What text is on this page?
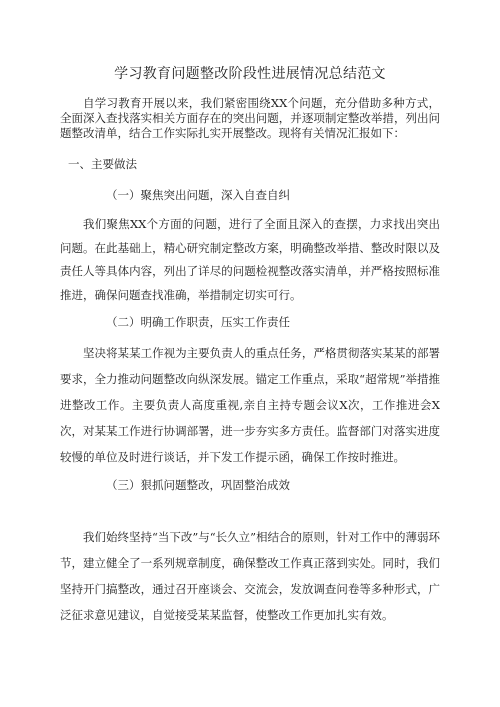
学习教育问题整改阶段性进展情况总结范文

自学习教育开展以来，我们紧密围绕XX个问题，充分借助多种方式，全面深入查找落实相关方面存在的突出问题，并逐项制定整改举措，列出问题整改清单，结合工作实际扎实开展整改。现将有关情况汇报如下：

一、主要做法
（一）聚焦突出问题，深入自查自纠

我们聚焦XX个方面的问题，进行了全面且深入的查摆，力求找出突出问题。在此基础上，精心研究制定整改方案，明确整改举措、整改时限以及责任人等具体内容，列出了详尽的问题检视整改落实清单，并严格按照标准推进，确保问题查找准确，举措制定切实可行。

（二）明确工作职责，压实工作责任

坚决将某某工作视为主要负责人的重点任务，严格贯彻落实某某的部署要求，全力推动问题整改向纵深发展。锚定工作重点，采取“超常规”举措推进整改工作。主要负责人高度重视,亲自主持专题会议X次，工作推进会X次，对某某工作进行协调部署，进一步夯实多方责任。监督部门对落实进度较慢的单位及时进行谈话，并下发工作提示函，确保工作按时推进。

（三）狠抓问题整改，巩固整治成效

我们始终坚持“当下改”与“长久立”相结合的原则，针对工作中的薄弱环节，建立健全了一系列规章制度，确保整改工作真正落到实处。同时，我们坚持开门搞整改，通过召开座谈会、交流会，发放调查问卷等多种形式，广泛征求意见建议，自觉接受某某监督，使整改工作更加扎实有效。
